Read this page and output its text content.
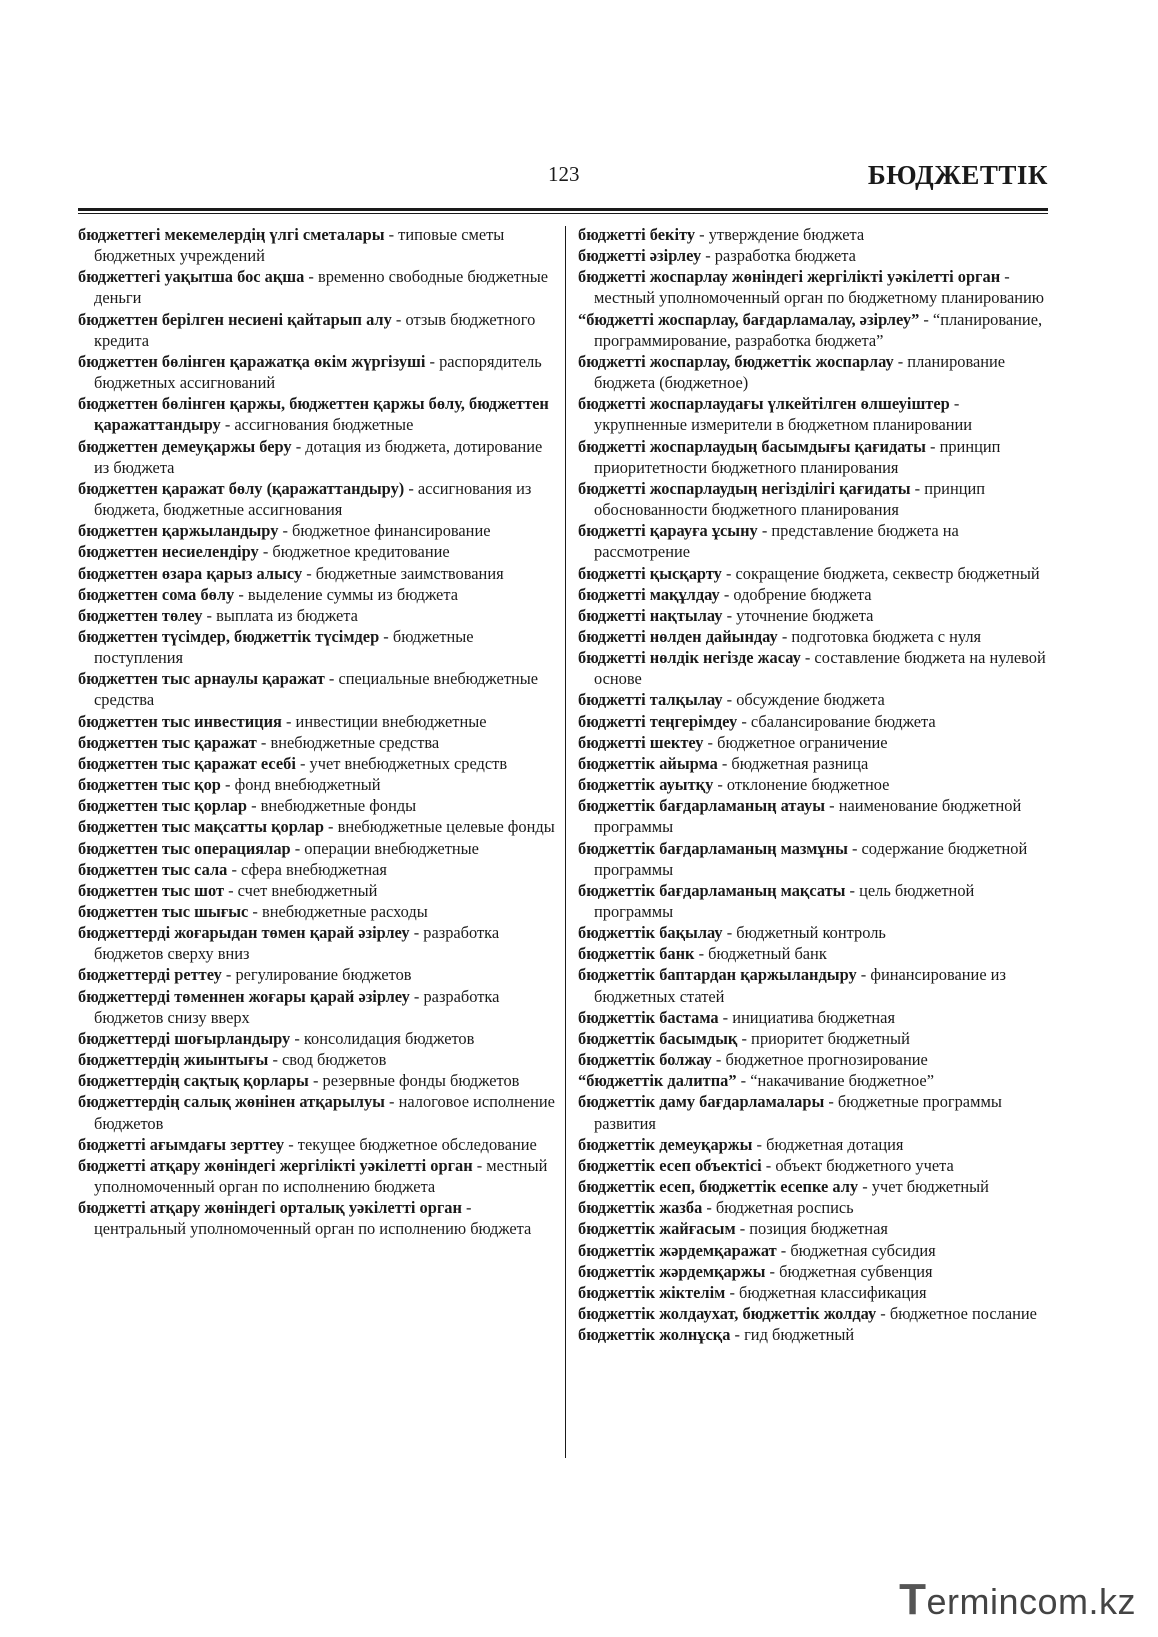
123	БЮДЖЕТТІК
бюджеттегі мекемелердің үлгі сметалары - типовые сметы бюджетных учреждений
бюджеттегі уақытша бос ақша - временно свободные бюджетные деньги
бюджеттен берілген несиені қайтарып алу - отзыв бюджетного кредита
бюджеттен бөлінген қаражатқа өкім жүргізуші - распорядитель бюджетных ассигнований
бюджеттен бөлінген қаржы, бюджеттен қаржы бөлу, бюджеттен қаражаттандыру - ассигнования бюджетные
бюджеттен демеуқаржы беру - дотация из бюджета, дотирование из бюджета
бюджеттен қаражат бөлу (қаражаттандыру) - ассигнования из бюджета, бюджетные ассигнования
бюджеттен қаржыландыру - бюджетное финансирование
бюджеттен несиелендіру - бюджетное кредитование
бюджеттен өзара қарыз алысу - бюджетные заимствования
бюджеттен сома бөлу - выделение суммы из бюджета
бюджеттен төлеу - выплата из бюджета
бюджеттен түсімдер, бюджеттік түсімдер - бюджетные поступления
бюджеттен тыс арнаулы қаражат - специальные внебюджетные средства
бюджеттен тыс инвестиция - инвестиции внебюджетные
бюджеттен тыс қаражат - внебюджетные средства
бюджеттен тыс қаражат есебі - учет внебюджетных средств
бюджеттен тыс қор - фонд внебюджетный
бюджеттен тыс қорлар - внебюджетные фонды
бюджеттен тыс мақсатты қорлар - внебюджетные целевые фонды
бюджеттен тыс операциялар - операции внебюджетные
бюджеттен тыс сала - сфера внебюджетная
бюджеттен тыс шот - счет внебюджетный
бюджеттен тыс шығыс - внебюджетные расходы
бюджеттерді жоғарыдан төмен қарай әзірлеу - разработка бюджетов сверху вниз
бюджеттерді реттеу - регулирование бюджетов
бюджеттерді төменнен жоғары қарай әзірлеу - разработка бюджетов снизу вверх
бюджеттерді шоғырландыру - консолидация бюджетов
бюджеттердің жиынтығы - свод бюджетов
бюджеттердің сақтық қорлары - резервные фонды бюджетов
бюджеттердің салық жөнінен атқарылуы - налоговое исполнение бюджетов
бюджетті ағымдағы зерттеу - текущее бюджетное обследование
бюджетті атқару жөніндегі жергілікті уәкілетті орган - местный уполномоченный орган по исполнению бюджета
бюджетті атқару жөніндегі орталық уәкілетті орган - центральный уполномоченный орган по исполнению бюджета
бюджетті бекіту - утверждение бюджета
бюджетті әзірлеу - разработка бюджета
бюджетті жоспарлау жөніндегі жергілікті уәкілетті орган - местный уполномоченный орган по бюджетному планированию
“бюджетті жоспарлау, бағдарламалау, әзірлеу” - “планирование, программирование, разработка бюджета”
бюджетті жоспарлау, бюджеттік жоспарлау - планирование бюджета (бюджетное)
бюджетті жоспарлаудағы үлкейтілген өлшеуіштер - укрупненные измерители в бюджетном планировании
бюджетті жоспарлаудың басымдығы қағидаты - принцип приоритетности бюджетного планирования
бюджетті жоспарлаудың негізділігі қағидаты - принцип обоснованности бюджетного планирования
бюджетті қарауға ұсыну - представление бюджета на рассмотрение
бюджетті қысқарту - сокращение бюджета, секвестр бюджетный
бюджетті мақұлдау - одобрение бюджета
бюджетті нақтылау - уточнение бюджета
бюджетті нөлден дайындау - подготовка бюджета с нуля
бюджетті нөлдік негізде жасау - составление бюджета на нулевой основе
бюджетті талқылау - обсуждение бюджета
бюджетті теңгерімдеу - сбалансирование бюджета
бюджетті шектеу - бюджетное ограничение
бюджеттік айырма - бюджетная разница
бюджеттік ауытқу - отклонение бюджетное
бюджеттік бағдарламаның атауы - наименование бюджетной программы
бюджеттік бағдарламаның мазмұны - содержание бюджетной программы
бюджеттік бағдарламаның мақсаты - цель бюджетной программы
бюджеттік бақылау - бюджетный контроль
бюджеттік банк - бюджетный банк
бюджеттік баптардан қаржыландыру - финансирование из бюджетных статей
бюджеттік бастама - инициатива бюджетная
бюджеттік басымдық - приоритет бюджетный
бюджеттік болжау - бюджетное прогнозирование
“бюджеттік далитпа” - “накачивание бюджетное”
бюджеттік даму бағдарламалары - бюджетные программы развития
бюджеттік демеуқаржы - бюджетная дотация
бюджеттік есеп объектісі - объект бюджетного учета
бюджеттік есеп, бюджеттік есепке алу - учет бюджетный
бюджеттік жазба - бюджетная роспись
бюджеттік жайғасым - позиция бюджетная
бюджеттік жәрдемқаражат - бюджетная субсидия
бюджеттік жәрдемқаржы - бюджетная субвенция
бюджеттік жіктелім - бюджетная классификация
бюджеттік жолдаухат, бюджеттік жолдау - бюджетное послание
бюджеттік жолнұсқа - гид бюджетный
Termincom.kz
